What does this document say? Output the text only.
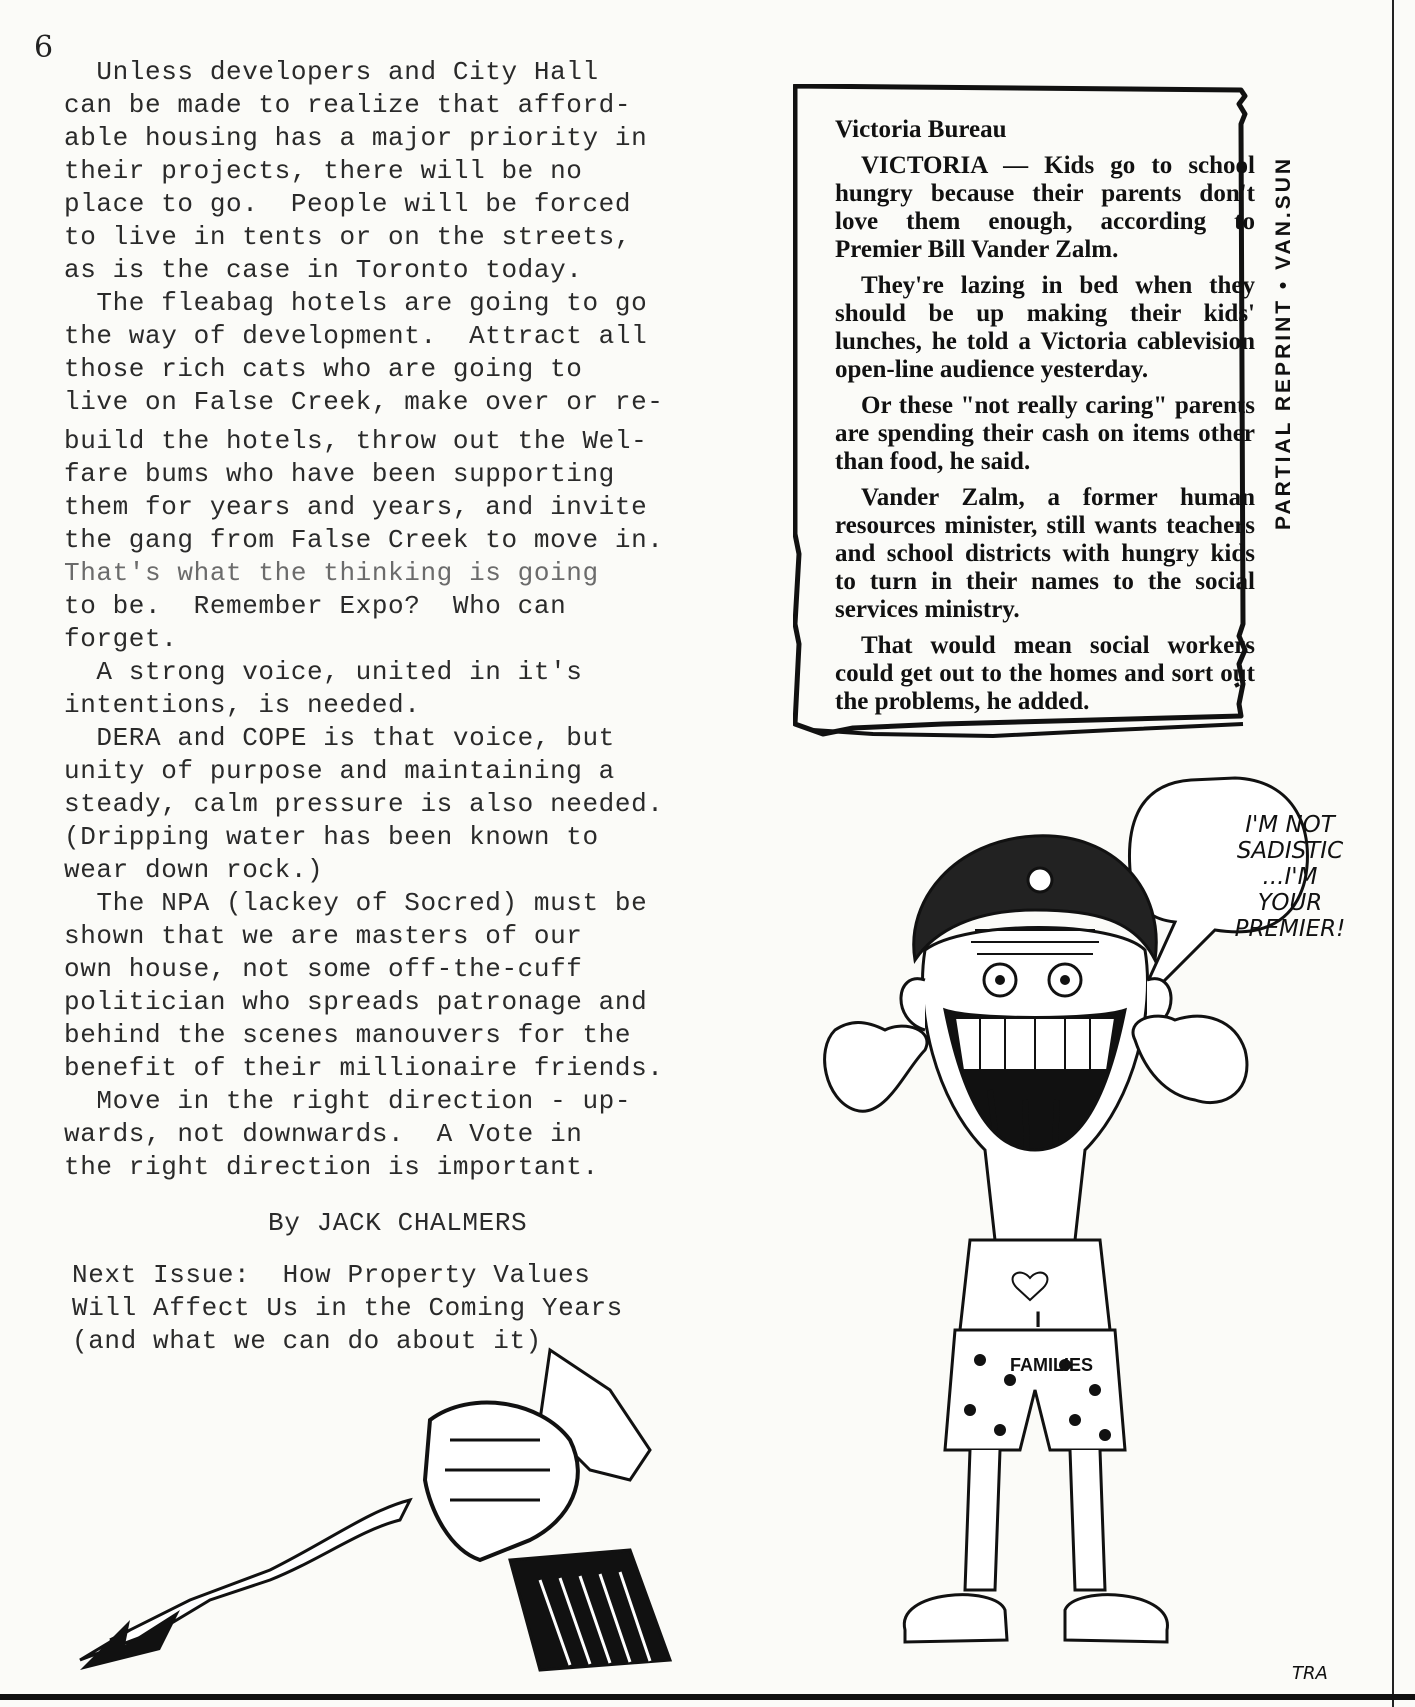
6
Unless developers and City Hall
can be made to realize that afford-
able housing has a major priority in
their projects, there will be no
place to go.  People will be forced
to live in tents or on the streets,
as is the case in Toronto today.
The fleabag hotels are going to go
the way of development.  Attract all
those rich cats who are going to
live on False Creek, make over or re-
build the hotels, throw out the Wel-
fare bums who have been supporting
them for years and years, and invite
the gang from False Creek to move in.
That's what the thinking is going
to be.  Remember Expo?  Who can
forget.
A strong voice, united in it's
intentions, is needed.
DERA and COPE is that voice, but
unity of purpose and maintaining a
steady, calm pressure is also needed.
(Dripping water has been known to
wear down rock.)
The NPA (lackey of Socred) must be
shown that we are masters of our
own house, not some off-the-cuff
politician who spreads patronage and
behind the scenes manouvers for the
benefit of their millionaire friends.
Move in the right direction - up-
wards, not downwards.  A Vote in
the right direction is important.
By JACK CHALMERS
Next Issue:  How Property Values
Will Affect Us in the Coming Years
(and what we can do about it)
Victoria Bureau

VICTORIA — Kids go to school hungry because their parents don't love them enough, according to Premier Bill Vander Zalm.

They're lazing in bed when they should be up making their kids' lunches, he told a Victoria cablevision open-line audience yesterday.

Or these "not really caring" parents are spending their cash on items other than food, he said.

Vander Zalm, a former human resources minister, still wants teachers and school districts with hungry kids to turn in their names to the social services ministry.

That would mean social workers could get out to the homes and sort out the problems, he added.

PARTIAL REPRINT • VAN.SUN
I'M NOT
SADISTIC
...I'M
YOUR
PREMIER!
I
FAMILIES
TRA
